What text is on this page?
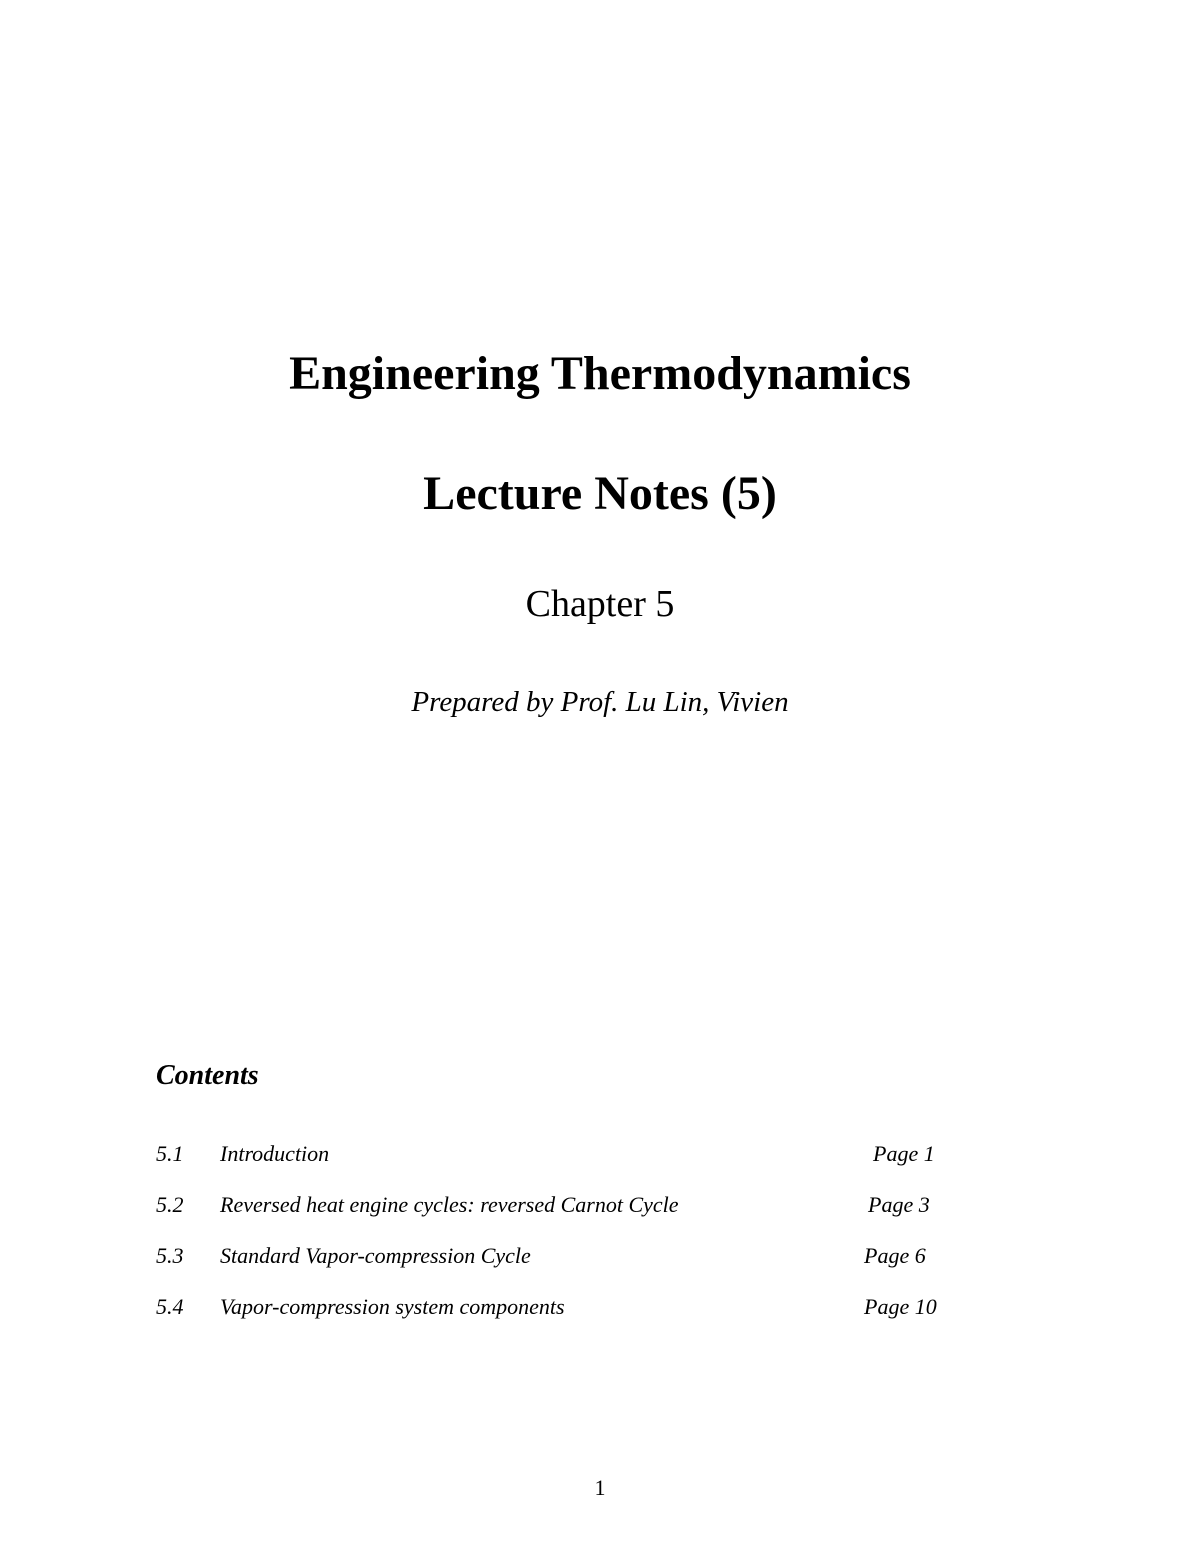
Engineering Thermodynamics
Lecture Notes (5)
Chapter 5
Prepared by Prof. Lu Lin, Vivien
Contents
5.1 Introduction	Page 1
5.2 Reversed heat engine cycles: reversed Carnot Cycle	Page 3
5.3 Standard Vapor-compression Cycle	Page 6
5.4 Vapor-compression system components	Page 10
1
